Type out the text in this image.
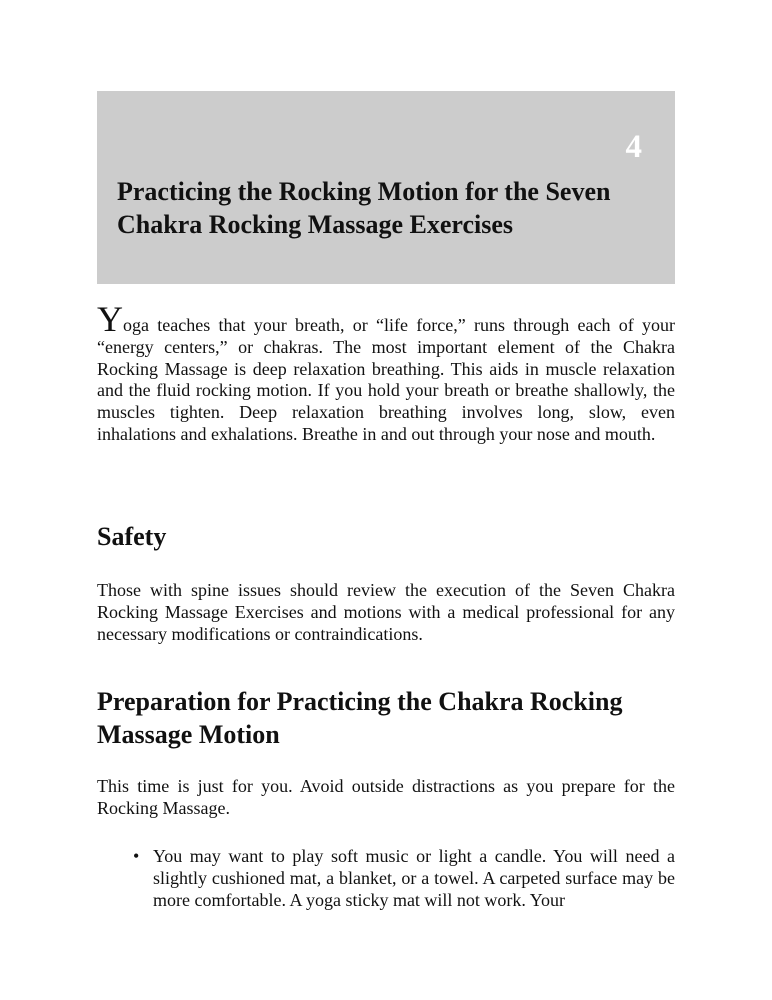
4
Practicing the Rocking Motion for the Seven Chakra Rocking Massage Exercises

Yoga teaches that your breath, or “life force,” runs through each of your “energy centers,” or chakras. The most important element of the Chakra Rocking Massage is deep relaxation breathing. This aids in muscle relaxation and the fluid rocking motion. If you hold your breath or breathe shallowly, the muscles tighten. Deep relaxation breathing involves long, slow, even inhalations and exhalations. Breathe in and out through your nose and mouth.

Safety

Those with spine issues should review the execution of the Seven Chakra Rocking Massage Exercises and motions with a medical professional for any necessary modifications or contraindications.

Preparation for Practicing the Chakra Rocking Massage Motion

This time is just for you. Avoid outside distractions as you prepare for the Rocking Massage.

• You may want to play soft music or light a candle. You will need a slightly cushioned mat, a blanket, or a towel. A carpeted surface may be more comfortable. A yoga sticky mat will not work. Your
